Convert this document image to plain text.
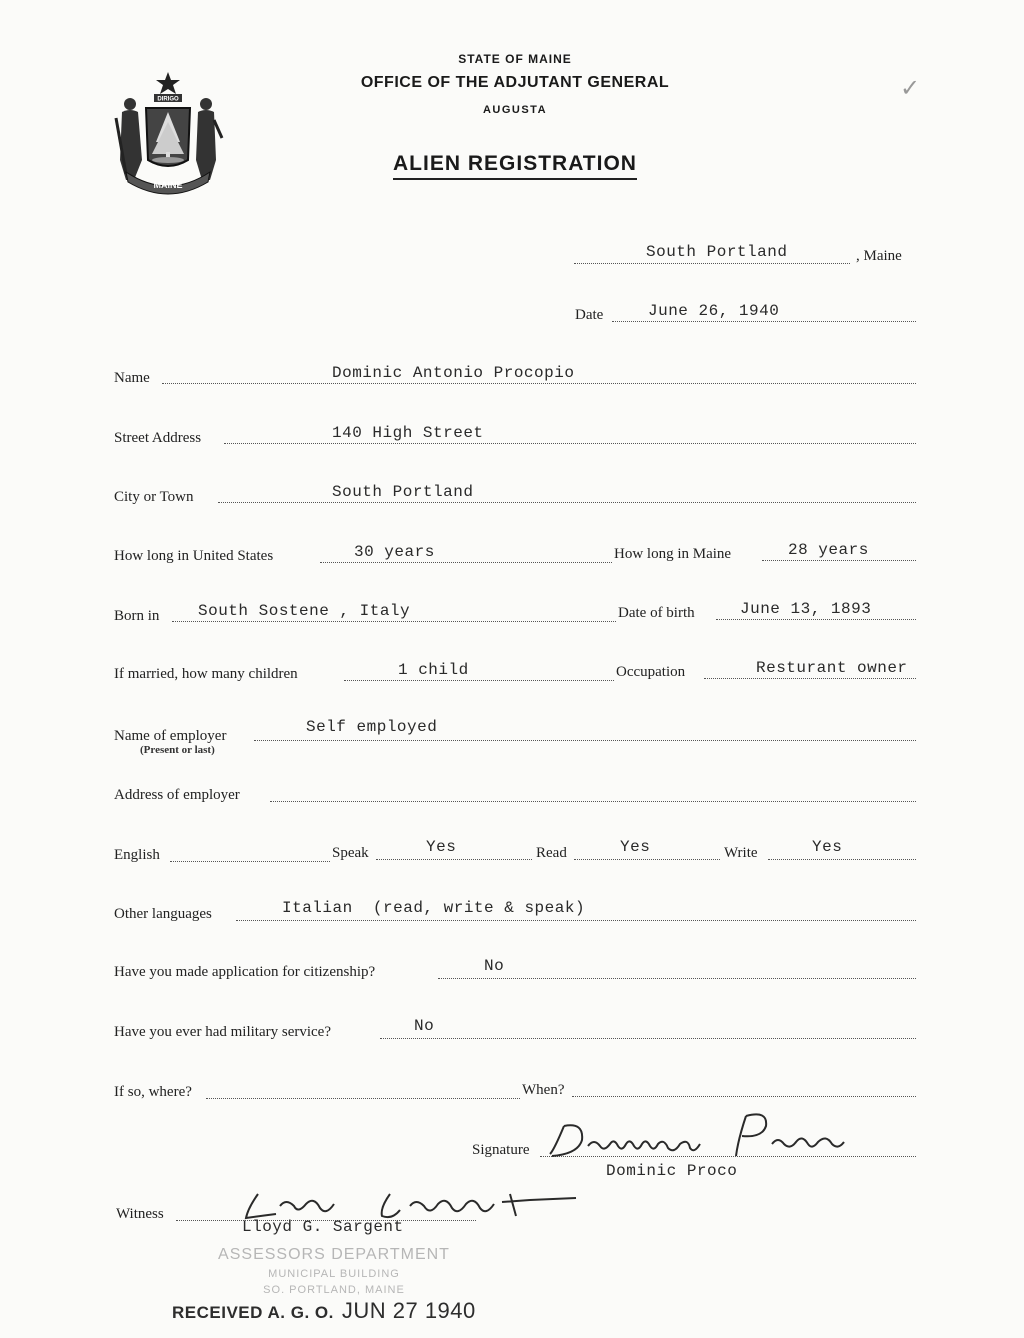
DIRIGO
MAINE
STATE OF MAINE
OFFICE OF THE ADJUTANT GENERAL
AUGUSTA
ALIEN REGISTRATION
✓
South Portland	, Maine
Date	June 26, 1940
Name	Dominic Antonio Procopio
Street Address	140 High Street
City or Town	South Portland
How long in United States	30 years	How long in Maine	28 years
Born in South Sostene , Italy	Date of birth	June 13, 1893
If married, how many children	1 child	Occupation	Resturant owner
Name of employer
(Present or last)
Self employed
Address of employer
English	Speak	Yes	Read	Yes	Write	Yes
Other languages	Italian  (read, write & speak)
Have you made application for citizenship?	No
Have you ever had military service?	No
If so, where?	When?
Signature
Dominic Proco
Witness
Lloyd G. Sargent
ASSESSORS DEPARTMENT
MUNICIPAL BUILDING
SO. PORTLAND, MAINE
RECEIVED A. G. O. JUN 27 1940
